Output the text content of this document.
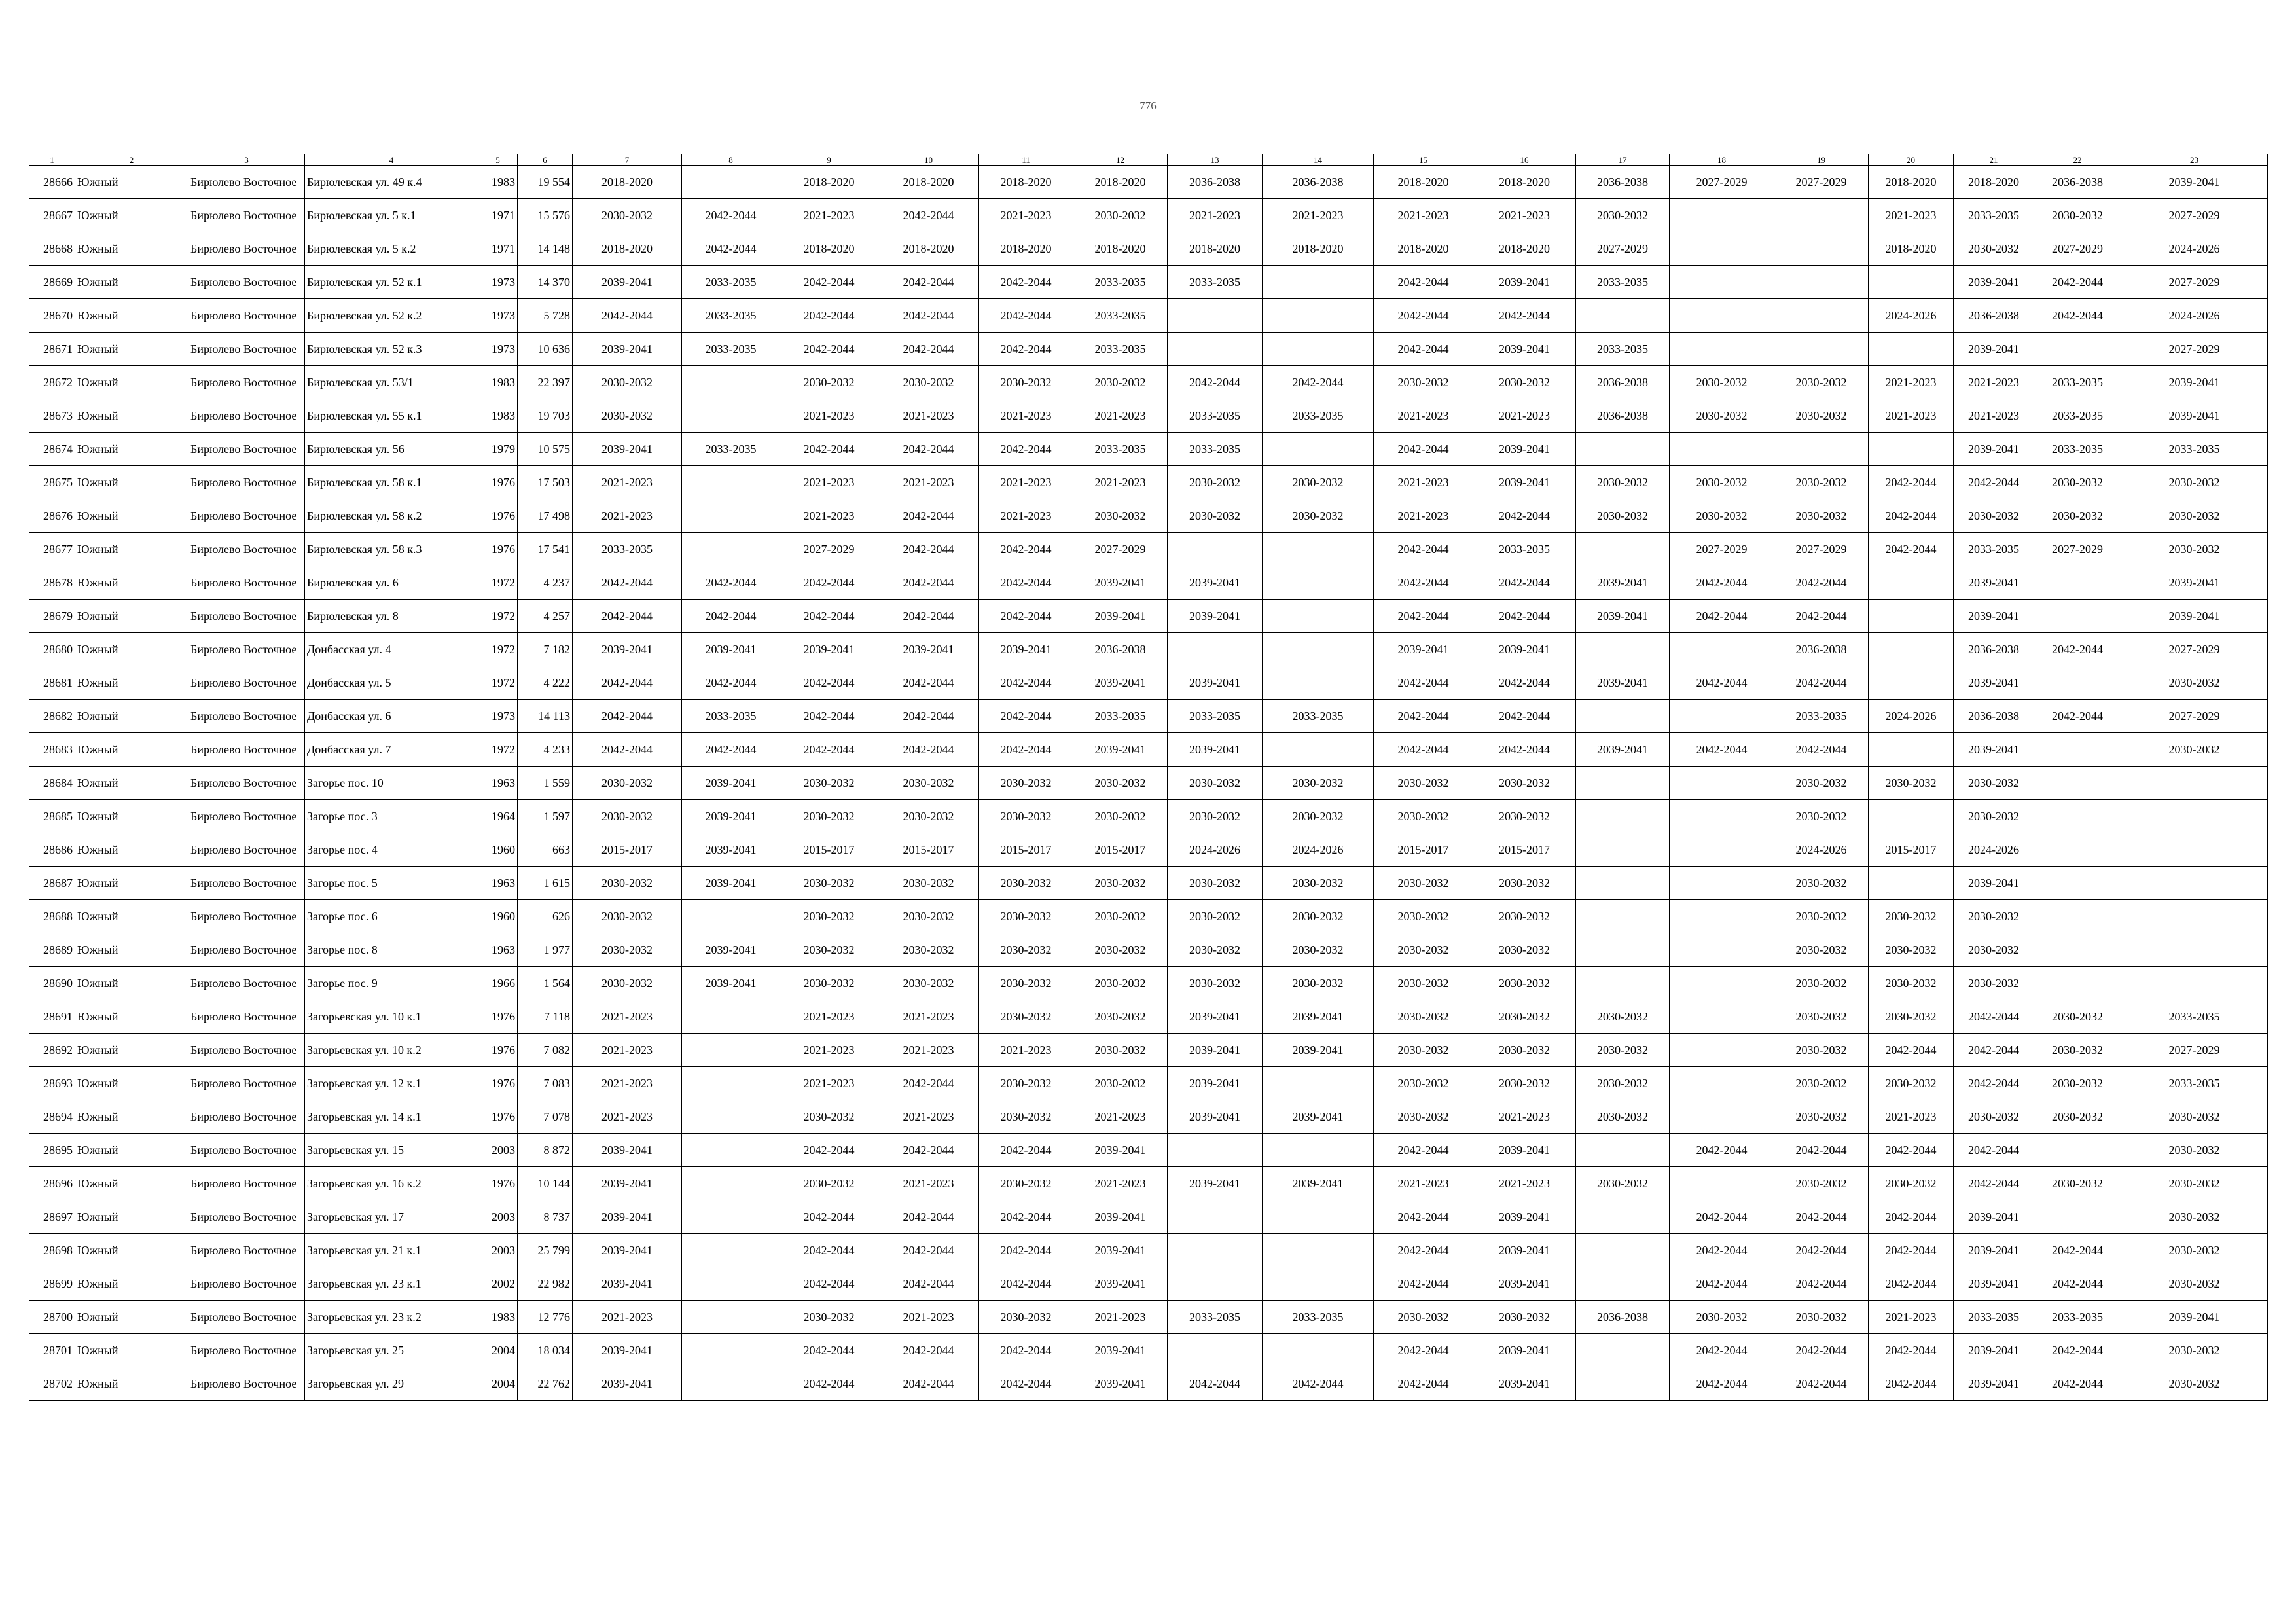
776
1	2	3	4	5	6	7	8	9	10	11	12	13	14	15	16	17	18	19	20	21	22	23
28666	Южный	Бирюлево Восточное	Бирюлевская ул. 49 к.4	1983	19 554	2018-2020		2018-2020	2018-2020	2018-2020	2018-2020	2036-2038	2036-2038	2018-2020	2018-2020	2036-2038	2027-2029	2027-2029	2018-2020	2018-2020	2036-2038	2039-2041
28667	Южный	Бирюлево Восточное	Бирюлевская ул. 5 к.1	1971	15 576	2030-2032	2042-2044	2021-2023	2042-2044	2021-2023	2030-2032	2021-2023	2021-2023	2021-2023	2021-2023	2030-2032			2021-2023	2033-2035	2030-2032	2027-2029
28668	Южный	Бирюлево Восточное	Бирюлевская ул. 5 к.2	1971	14 148	2018-2020	2042-2044	2018-2020	2018-2020	2018-2020	2018-2020	2018-2020	2018-2020	2018-2020	2018-2020	2027-2029			2018-2020	2030-2032	2027-2029	2024-2026
28669	Южный	Бирюлево Восточное	Бирюлевская ул. 52 к.1	1973	14 370	2039-2041	2033-2035	2042-2044	2042-2044	2042-2044	2033-2035	2033-2035		2042-2044	2039-2041	2033-2035				2039-2041	2042-2044	2027-2029
28670	Южный	Бирюлево Восточное	Бирюлевская ул. 52 к.2	1973	5 728	2042-2044	2033-2035	2042-2044	2042-2044	2042-2044	2033-2035			2042-2044	2042-2044				2024-2026	2036-2038	2042-2044	2024-2026
28671	Южный	Бирюлево Восточное	Бирюлевская ул. 52 к.3	1973	10 636	2039-2041	2033-2035	2042-2044	2042-2044	2042-2044	2033-2035			2042-2044	2039-2041	2033-2035				2039-2041		2027-2029
28672	Южный	Бирюлево Восточное	Бирюлевская ул. 53/1	1983	22 397	2030-2032		2030-2032	2030-2032	2030-2032	2030-2032	2042-2044	2042-2044	2030-2032	2030-2032	2036-2038	2030-2032	2030-2032	2021-2023	2021-2023	2033-2035	2039-2041
28673	Южный	Бирюлево Восточное	Бирюлевская ул. 55 к.1	1983	19 703	2030-2032		2021-2023	2021-2023	2021-2023	2021-2023	2033-2035	2033-2035	2021-2023	2021-2023	2036-2038	2030-2032	2030-2032	2021-2023	2021-2023	2033-2035	2039-2041
28674	Южный	Бирюлево Восточное	Бирюлевская ул. 56	1979	10 575	2039-2041	2033-2035	2042-2044	2042-2044	2042-2044	2033-2035	2033-2035		2042-2044	2039-2041					2039-2041	2033-2035	2033-2035
28675	Южный	Бирюлево Восточное	Бирюлевская ул. 58 к.1	1976	17 503	2021-2023		2021-2023	2021-2023	2021-2023	2021-2023	2030-2032	2030-2032	2021-2023	2039-2041	2030-2032	2030-2032	2030-2032	2042-2044	2042-2044	2030-2032	2030-2032
28676	Южный	Бирюлево Восточное	Бирюлевская ул. 58 к.2	1976	17 498	2021-2023		2021-2023	2042-2044	2021-2023	2030-2032	2030-2032	2030-2032	2021-2023	2042-2044	2030-2032	2030-2032	2030-2032	2042-2044	2030-2032	2030-2032	2030-2032
28677	Южный	Бирюлево Восточное	Бирюлевская ул. 58 к.3	1976	17 541	2033-2035		2027-2029	2042-2044	2042-2044	2027-2029			2042-2044	2033-2035		2027-2029	2027-2029	2042-2044	2033-2035	2027-2029	2030-2032
28678	Южный	Бирюлево Восточное	Бирюлевская ул. 6	1972	4 237	2042-2044	2042-2044	2042-2044	2042-2044	2042-2044	2039-2041	2039-2041		2042-2044	2042-2044	2039-2041	2042-2044	2042-2044		2039-2041		2039-2041
28679	Южный	Бирюлево Восточное	Бирюлевская ул. 8	1972	4 257	2042-2044	2042-2044	2042-2044	2042-2044	2042-2044	2039-2041	2039-2041		2042-2044	2042-2044	2039-2041	2042-2044	2042-2044		2039-2041		2039-2041
28680	Южный	Бирюлево Восточное	Донбасская ул. 4	1972	7 182	2039-2041	2039-2041	2039-2041	2039-2041	2039-2041	2036-2038			2039-2041	2039-2041			2036-2038		2036-2038	2042-2044	2027-2029
28681	Южный	Бирюлево Восточное	Донбасская ул. 5	1972	4 222	2042-2044	2042-2044	2042-2044	2042-2044	2042-2044	2039-2041	2039-2041		2042-2044	2042-2044	2039-2041	2042-2044	2042-2044		2039-2041		2030-2032
28682	Южный	Бирюлево Восточное	Донбасская ул. 6	1973	14 113	2042-2044	2033-2035	2042-2044	2042-2044	2042-2044	2033-2035	2033-2035	2033-2035	2042-2044	2042-2044			2033-2035	2024-2026	2036-2038	2042-2044	2027-2029
28683	Южный	Бирюлево Восточное	Донбасская ул. 7	1972	4 233	2042-2044	2042-2044	2042-2044	2042-2044	2042-2044	2039-2041	2039-2041		2042-2044	2042-2044	2039-2041	2042-2044	2042-2044		2039-2041		2030-2032
28684	Южный	Бирюлево Восточное	Загорье пос. 10	1963	1 559	2030-2032	2039-2041	2030-2032	2030-2032	2030-2032	2030-2032	2030-2032	2030-2032	2030-2032	2030-2032			2030-2032	2030-2032	2030-2032		
28685	Южный	Бирюлево Восточное	Загорье пос. 3	1964	1 597	2030-2032	2039-2041	2030-2032	2030-2032	2030-2032	2030-2032	2030-2032	2030-2032	2030-2032	2030-2032			2030-2032		2030-2032		
28686	Южный	Бирюлево Восточное	Загорье пос. 4	1960	663	2015-2017	2039-2041	2015-2017	2015-2017	2015-2017	2015-2017	2024-2026	2024-2026	2015-2017	2015-2017			2024-2026	2015-2017	2024-2026		
28687	Южный	Бирюлево Восточное	Загорье пос. 5	1963	1 615	2030-2032	2039-2041	2030-2032	2030-2032	2030-2032	2030-2032	2030-2032	2030-2032	2030-2032	2030-2032			2030-2032		2039-2041		
28688	Южный	Бирюлево Восточное	Загорье пос. 6	1960	626	2030-2032		2030-2032	2030-2032	2030-2032	2030-2032	2030-2032	2030-2032	2030-2032	2030-2032			2030-2032	2030-2032	2030-2032		
28689	Южный	Бирюлево Восточное	Загорье пос. 8	1963	1 977	2030-2032	2039-2041	2030-2032	2030-2032	2030-2032	2030-2032	2030-2032	2030-2032	2030-2032	2030-2032			2030-2032	2030-2032	2030-2032		
28690	Южный	Бирюлево Восточное	Загорье пос. 9	1966	1 564	2030-2032	2039-2041	2030-2032	2030-2032	2030-2032	2030-2032	2030-2032	2030-2032	2030-2032	2030-2032			2030-2032	2030-2032	2030-2032		
28691	Южный	Бирюлево Восточное	Загорьевская ул. 10 к.1	1976	7 118	2021-2023		2021-2023	2021-2023	2030-2032	2030-2032	2039-2041	2039-2041	2030-2032	2030-2032	2030-2032		2030-2032	2030-2032	2042-2044	2030-2032	2033-2035
28692	Южный	Бирюлево Восточное	Загорьевская ул. 10 к.2	1976	7 082	2021-2023		2021-2023	2021-2023	2021-2023	2030-2032	2039-2041	2039-2041	2030-2032	2030-2032	2030-2032		2030-2032	2042-2044	2042-2044	2030-2032	2027-2029
28693	Южный	Бирюлево Восточное	Загорьевская ул. 12 к.1	1976	7 083	2021-2023		2021-2023	2042-2044	2030-2032	2030-2032	2039-2041		2030-2032	2030-2032	2030-2032		2030-2032	2030-2032	2042-2044	2030-2032	2033-2035
28694	Южный	Бирюлево Восточное	Загорьевская ул. 14 к.1	1976	7 078	2021-2023		2030-2032	2021-2023	2030-2032	2021-2023	2039-2041	2039-2041	2030-2032	2021-2023	2030-2032		2030-2032	2021-2023	2030-2032	2030-2032	2030-2032
28695	Южный	Бирюлево Восточное	Загорьевская ул. 15	2003	8 872	2039-2041		2042-2044	2042-2044	2042-2044	2039-2041			2042-2044	2039-2041		2042-2044	2042-2044	2042-2044	2042-2044		2030-2032
28696	Южный	Бирюлево Восточное	Загорьевская ул. 16 к.2	1976	10 144	2039-2041		2030-2032	2021-2023	2030-2032	2021-2023	2039-2041	2039-2041	2021-2023	2021-2023	2030-2032		2030-2032	2030-2032	2042-2044	2030-2032	2030-2032
28697	Южный	Бирюлево Восточное	Загорьевская ул. 17	2003	8 737	2039-2041		2042-2044	2042-2044	2042-2044	2039-2041			2042-2044	2039-2041		2042-2044	2042-2044	2042-2044	2039-2041		2030-2032
28698	Южный	Бирюлево Восточное	Загорьевская ул. 21 к.1	2003	25 799	2039-2041		2042-2044	2042-2044	2042-2044	2039-2041			2042-2044	2039-2041		2042-2044	2042-2044	2042-2044	2039-2041	2042-2044	2030-2032
28699	Южный	Бирюлево Восточное	Загорьевская ул. 23 к.1	2002	22 982	2039-2041		2042-2044	2042-2044	2042-2044	2039-2041			2042-2044	2039-2041		2042-2044	2042-2044	2042-2044	2039-2041	2042-2044	2030-2032
28700	Южный	Бирюлево Восточное	Загорьевская ул. 23 к.2	1983	12 776	2021-2023		2030-2032	2021-2023	2030-2032	2021-2023	2033-2035	2033-2035	2030-2032	2030-2032	2036-2038	2030-2032	2030-2032	2021-2023	2033-2035	2033-2035	2039-2041
28701	Южный	Бирюлево Восточное	Загорьевская ул. 25	2004	18 034	2039-2041		2042-2044	2042-2044	2042-2044	2039-2041			2042-2044	2039-2041		2042-2044	2042-2044	2042-2044	2039-2041	2042-2044	2030-2032
28702	Южный	Бирюлево Восточное	Загорьевская ул. 29	2004	22 762	2039-2041		2042-2044	2042-2044	2042-2044	2039-2041	2042-2044	2042-2044	2042-2044	2039-2041		2042-2044	2042-2044	2042-2044	2039-2041	2042-2044	2030-2032
